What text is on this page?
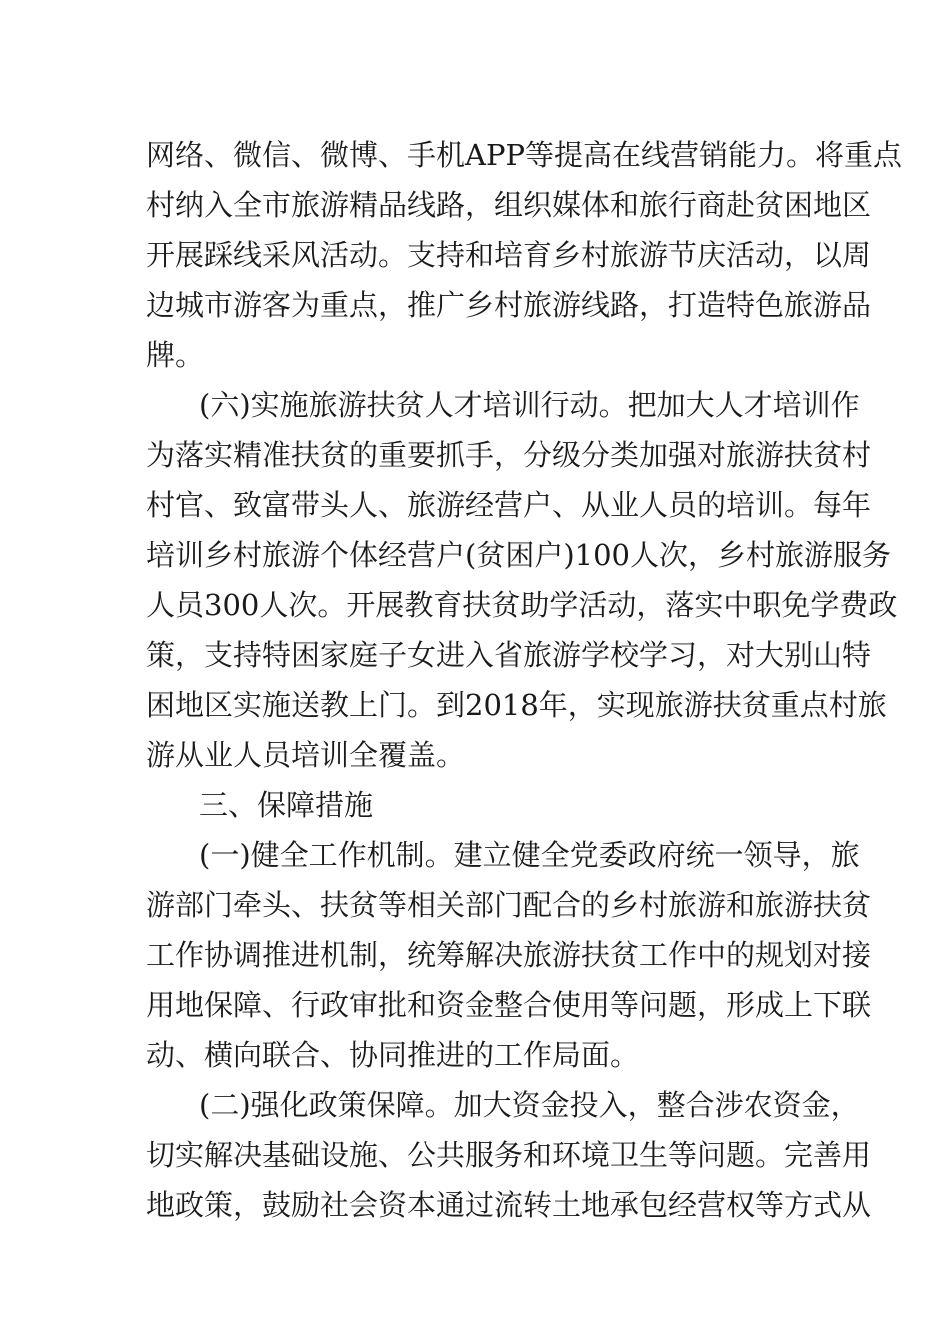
网络、微信、微博、手机APP等提高在线营销能力。将重点
村纳入全市旅游精品线路，组织媒体和旅行商赴贫困地区
开展踩线采风活动。支持和培育乡村旅游节庆活动，以周
边城市游客为重点，推广乡村旅游线路，打造特色旅游品
牌。
(六)实施旅游扶贫人才培训行动。把加大人才培训作
为落实精准扶贫的重要抓手，分级分类加强对旅游扶贫村
村官、致富带头人、旅游经营户、从业人员的培训。每年
培训乡村旅游个体经营户(贫困户)100人次，乡村旅游服务
人员300人次。开展教育扶贫助学活动，落实中职免学费政
策，支持特困家庭子女进入省旅游学校学习，对大别山特
困地区实施送教上门。到2018年，实现旅游扶贫重点村旅
游从业人员培训全覆盖。
三、保障措施
(一)健全工作机制。建立健全党委政府统一领导，旅
游部门牵头、扶贫等相关部门配合的乡村旅游和旅游扶贫
工作协调推进机制，统筹解决旅游扶贫工作中的规划对接
用地保障、行政审批和资金整合使用等问题，形成上下联
动、横向联合、协同推进的工作局面。
(二)强化政策保障。加大资金投入，整合涉农资金，
切实解决基础设施、公共服务和环境卫生等问题。完善用
地政策，鼓励社会资本通过流转土地承包经营权等方式从
